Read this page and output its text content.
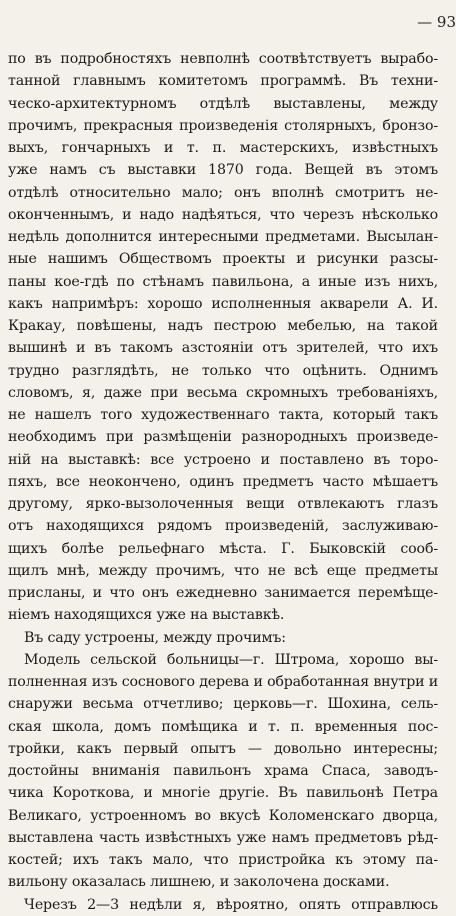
— 93
по въ подробностяхъ невполнѣ соотвѣтствуетъ вырабо-
танной главнымъ комитетомъ программѣ. Въ техни-
ческо-архитектурномъ отдѣлѣ выставлены, между
прочимъ, прекрасныя произведенія столярныхъ, бронзо-
выхъ, гончарныхъ и т. п. мастерскихъ, извѣстныхъ
уже намъ съ выставки 1870 года. Вещей въ этомъ
отдѣлѣ относительно мало; онъ вполнѣ смотритъ не-
оконченнымъ, и надо надѣяться, что черезъ нѣсколько
недѣль дополнится интересными предметами. Высылан-
ные нашимъ Обществомъ проекты и рисунки разсы-
паны кое-гдѣ по стѣнамъ павильона, а иные изъ нихъ,
какъ напримѣръ: хорошо исполненныя акварели А. И.
Кракау, повѣшены, надъ пестрою мебелью, на такой
вышинѣ и въ такомъ азстояніи отъ зрителей, что ихъ
трудно разглядѣть, не только что оцѣнить. Однимъ
словомъ, я, даже при весьма скромныхъ требованіяхъ,
не нашелъ того художественнаго такта, который такъ
необходимъ при размѣщеніи разнородныхъ произведе-
ній на выставкѣ: все устроено и поставлено въ торо-
пяхъ, все неокончено, одинъ предметъ часто мѣшаетъ
другому, ярко-вызолоченныя вещи отвлекаютъ глазъ
отъ находящихся рядомъ произведеній, заслуживаю-
щихъ болѣе рельефнаго мѣста. Г. Быковскій сооб-
щилъ мнѣ, между прочимъ, что не всѣ еще предметы
присланы, и что онъ ежедневно занимается перемѣще-
ніемъ находящихся уже на выставкѣ.
Въ саду устроены, между прочимъ:
Модель сельской больницы—г. Штрома, хорошо вы-
полненная изъ соснового дерева и обработанная внутри и
снаружи весьма отчетливо; церковь—г. Шохина, сель-
ская школа, домъ помѣщика и т. п. временныя пос-
тройки, какъ первый опытъ — довольно интересны;
достойны вниманія павильонъ храма Спаса, заводъ-
чика Короткова, и многіе другіе. Въ павильонѣ Петра
Великаго, устроенномъ во вкусѣ Коломенскаго дворца,
выставлена часть извѣстныхъ уже намъ предметовъ рѣд-
костей; ихъ такъ мало, что пристройка къ этому па-
вильону оказалась лишнею, и заколочена досками.
Черезъ 2—3 недѣли я, вѣроятно, опять отправлюсь
